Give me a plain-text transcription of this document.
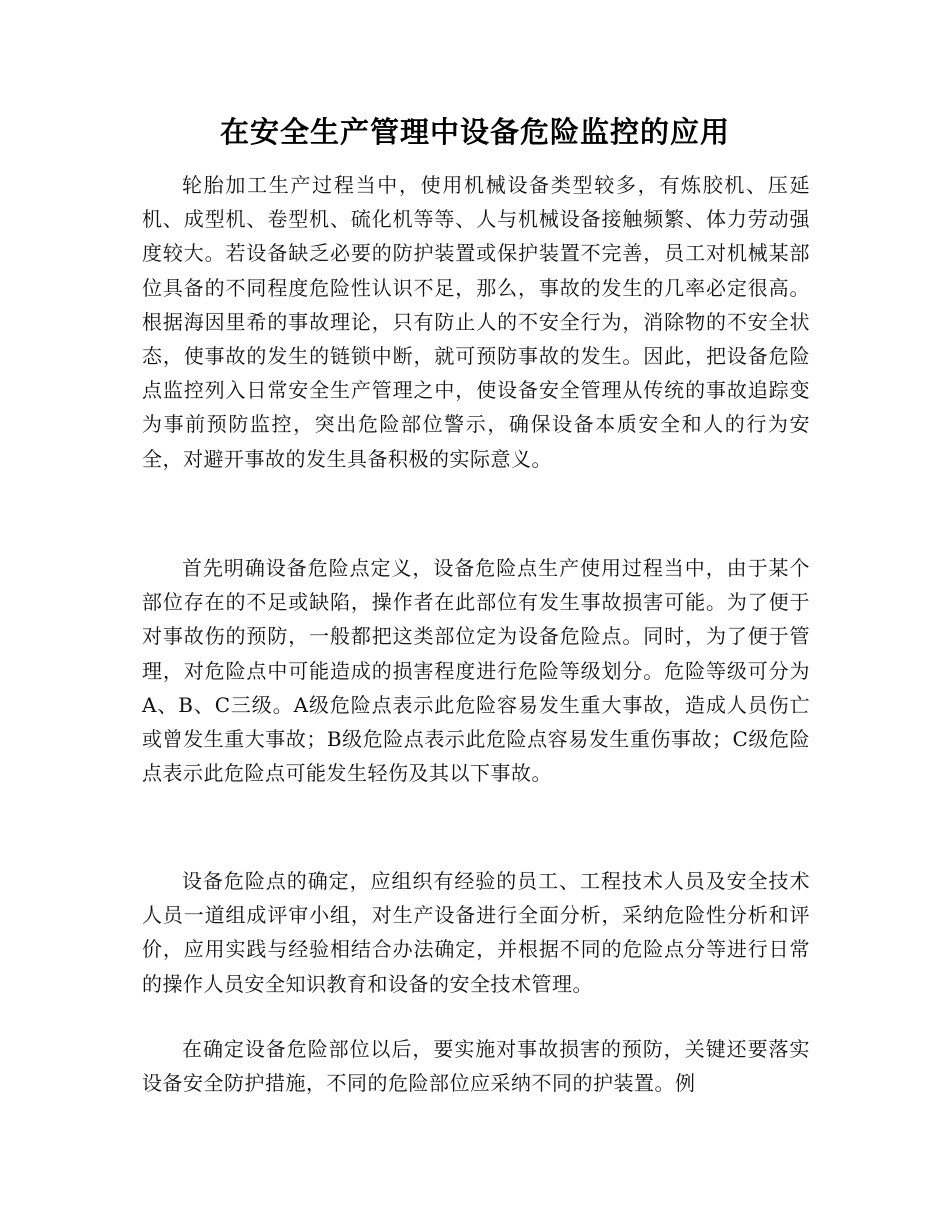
在安全生产管理中设备危险监控的应用

轮胎加工生产过程当中，使用机械设备类型较多，有炼胶机、压延机、成型机、卷型机、硫化机等等、人与机械设备接触频繁、体力劳动强度较大。若设备缺乏必要的防护装置或保护装置不完善，员工对机械某部位具备的不同程度危险性认识不足，那么，事故的发生的几率必定很高。根据海因里希的事故理论，只有防止人的不安全行为，消除物的不安全状态，使事故的发生的链锁中断，就可预防事故的发生。因此，把设备危险点监控列入日常安全生产管理之中，使设备安全管理从传统的事故追踪变为事前预防监控，突出危险部位警示，确保设备本质安全和人的行为安全，对避开事故的发生具备积极的实际意义。

首先明确设备危险点定义，设备危险点生产使用过程当中，由于某个部位存在的不足或缺陷，操作者在此部位有发生事故损害可能。为了便于对事故伤的预防，一般都把这类部位定为设备危险点。同时，为了便于管理，对危险点中可能造成的损害程度进行危险等级划分。危险等级可分为A、B、C三级。A级危险点表示此危险容易发生重大事故，造成人员伤亡或曾发生重大事故；B级危险点表示此危险点容易发生重伤事故；C级危险点表示此危险点可能发生轻伤及其以下事故。

设备危险点的确定，应组织有经验的员工、工程技术人员及安全技术人员一道组成评审小组，对生产设备进行全面分析，采纳危险性分析和评价，应用实践与经验相结合办法确定，并根据不同的危险点分等进行日常的操作人员安全知识教育和设备的安全技术管理。

在确定设备危险部位以后，要实施对事故损害的预防，关键还要落实设备安全防护措施，不同的危险部位应采纳不同的护装置。例
